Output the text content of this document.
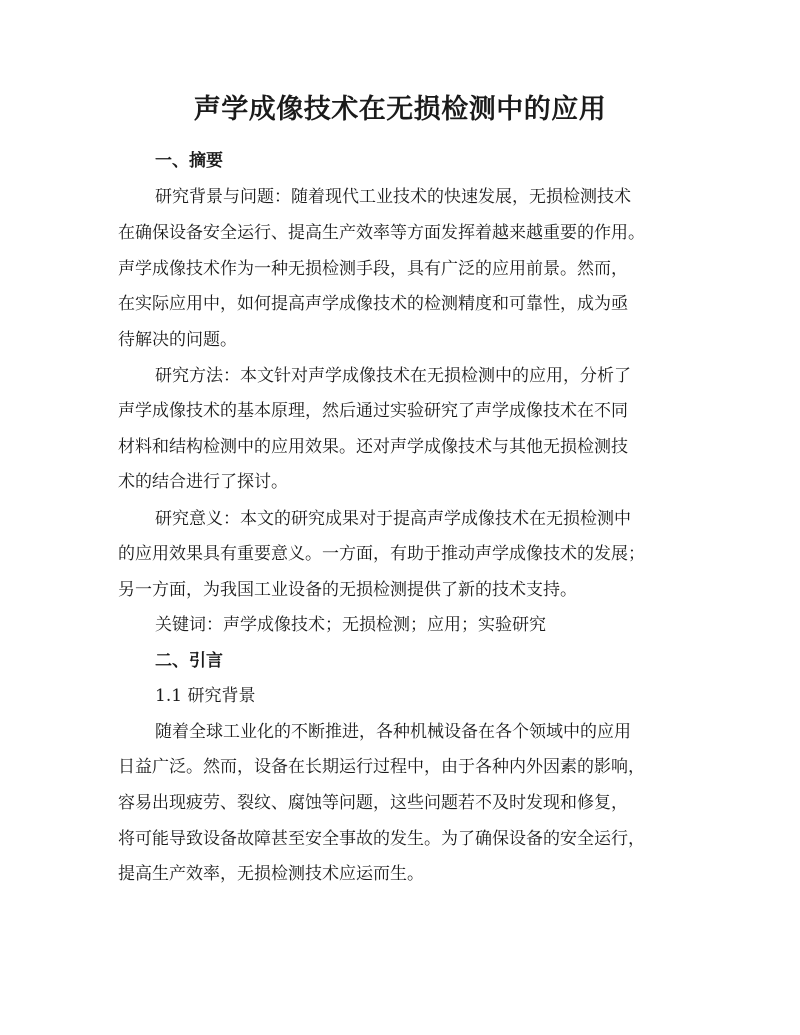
声学成像技术在无损检测中的应用
一、摘要
研究背景与问题：随着现代工业技术的快速发展，无损检测技术
在确保设备安全运行、提高生产效率等方面发挥着越来越重要的作用。
声学成像技术作为一种无损检测手段，具有广泛的应用前景。然而，
在实际应用中，如何提高声学成像技术的检测精度和可靠性，成为亟
待解决的问题。
研究方法：本文针对声学成像技术在无损检测中的应用，分析了
声学成像技术的基本原理，然后通过实验研究了声学成像技术在不同
材料和结构检测中的应用效果。还对声学成像技术与其他无损检测技
术的结合进行了探讨。
研究意义：本文的研究成果对于提高声学成像技术在无损检测中
的应用效果具有重要意义。一方面，有助于推动声学成像技术的发展；
另一方面，为我国工业设备的无损检测提供了新的技术支持。
关键词：声学成像技术；无损检测；应用；实验研究
二、引言
1.1 研究背景
随着全球工业化的不断推进，各种机械设备在各个领域中的应用
日益广泛。然而，设备在长期运行过程中，由于各种内外因素的影响，
容易出现疲劳、裂纹、腐蚀等问题，这些问题若不及时发现和修复，
将可能导致设备故障甚至安全事故的发生。为了确保设备的安全运行，
提高生产效率，无损检测技术应运而生。
